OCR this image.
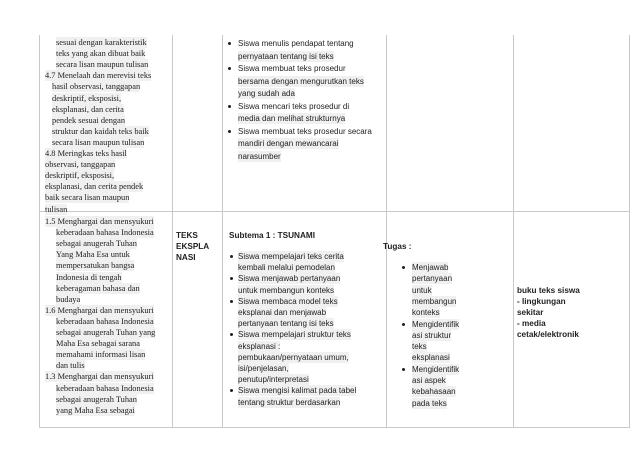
sesuai dengan karakteristik
teks yang akan dibuat baik
secara lisan maupun tulisan
4.7 Menelaah dan merevisi teks
hasil observasi, tanggapan
deskriptif, eksposisi,
eksplanasi, dan cerita
pendek sesuai dengan
struktur dan kaidah teks baik
secara lisan maupun tulisan
4.8 Meringkas teks hasil
observasi, tanggapan
deskriptif, eksposisi,
eksplanasi, dan cerita pendek
baik secara lisan maupun
tulisan
Siswa menulis pendapat tentang
pernyataan tentang isi teks
Siswa membuat teks prosedur
bersama dengan mengurutkan teks
yang sudah ada
Siswa mencari teks prosedur di
media dan melihat strukturnya
Siswa membuat teks prosedur secara
mandiri dengan mewancarai
narasumber
1.5 Menghargai dan mensyukuri
keberadaan bahasa Indonesia
sebagai anugerah Tuhan
Yang Maha Esa untuk
mempersatukan bangsa
Indonesia di tengah
keberagaman bahasa dan
budaya
1.6 Menghargai dan mensyukuri
keberadaan bahasa Indonesia
sebagai anugerah Tuhan yang
Maha Esa sebagai sarana
memahami informasi lisan
dan tulis
1.3 Menghargai dan mensyukuri
keberadaan bahasa Indonesia
sebagai anugerah Tuhan
yang Maha Esa sebagai
TEKS
EKSPLA
NASI
Subtema 1 : TSUNAMI
Siswa mempelajari teks cerita
kembali melalui pemodelan
Siswa menjawab pertanyaan
untuk membangun konteks
Siswa membaca model teks
eksplanai dan menjawab
pertanyaan tentang isi teks
Siswa mempelajari struktur teks
eksplanasi :
pembukaan/pernyataan umum,
isi/penjelasan,
penutup/interpretasi
Siswa mengisi kalimat pada tabel
tentang struktur berdasarkan
Tugas :
Menjawab
pertanyaan
untuk
membangun
konteks
Mengidentifik
asi struktur
teks
eksplanasi
Mengidentifik
asi aspek
kebahasaan
pada teks
buku teks siswa
- lingkungan
sekitar
- media
cetak/elektronik
